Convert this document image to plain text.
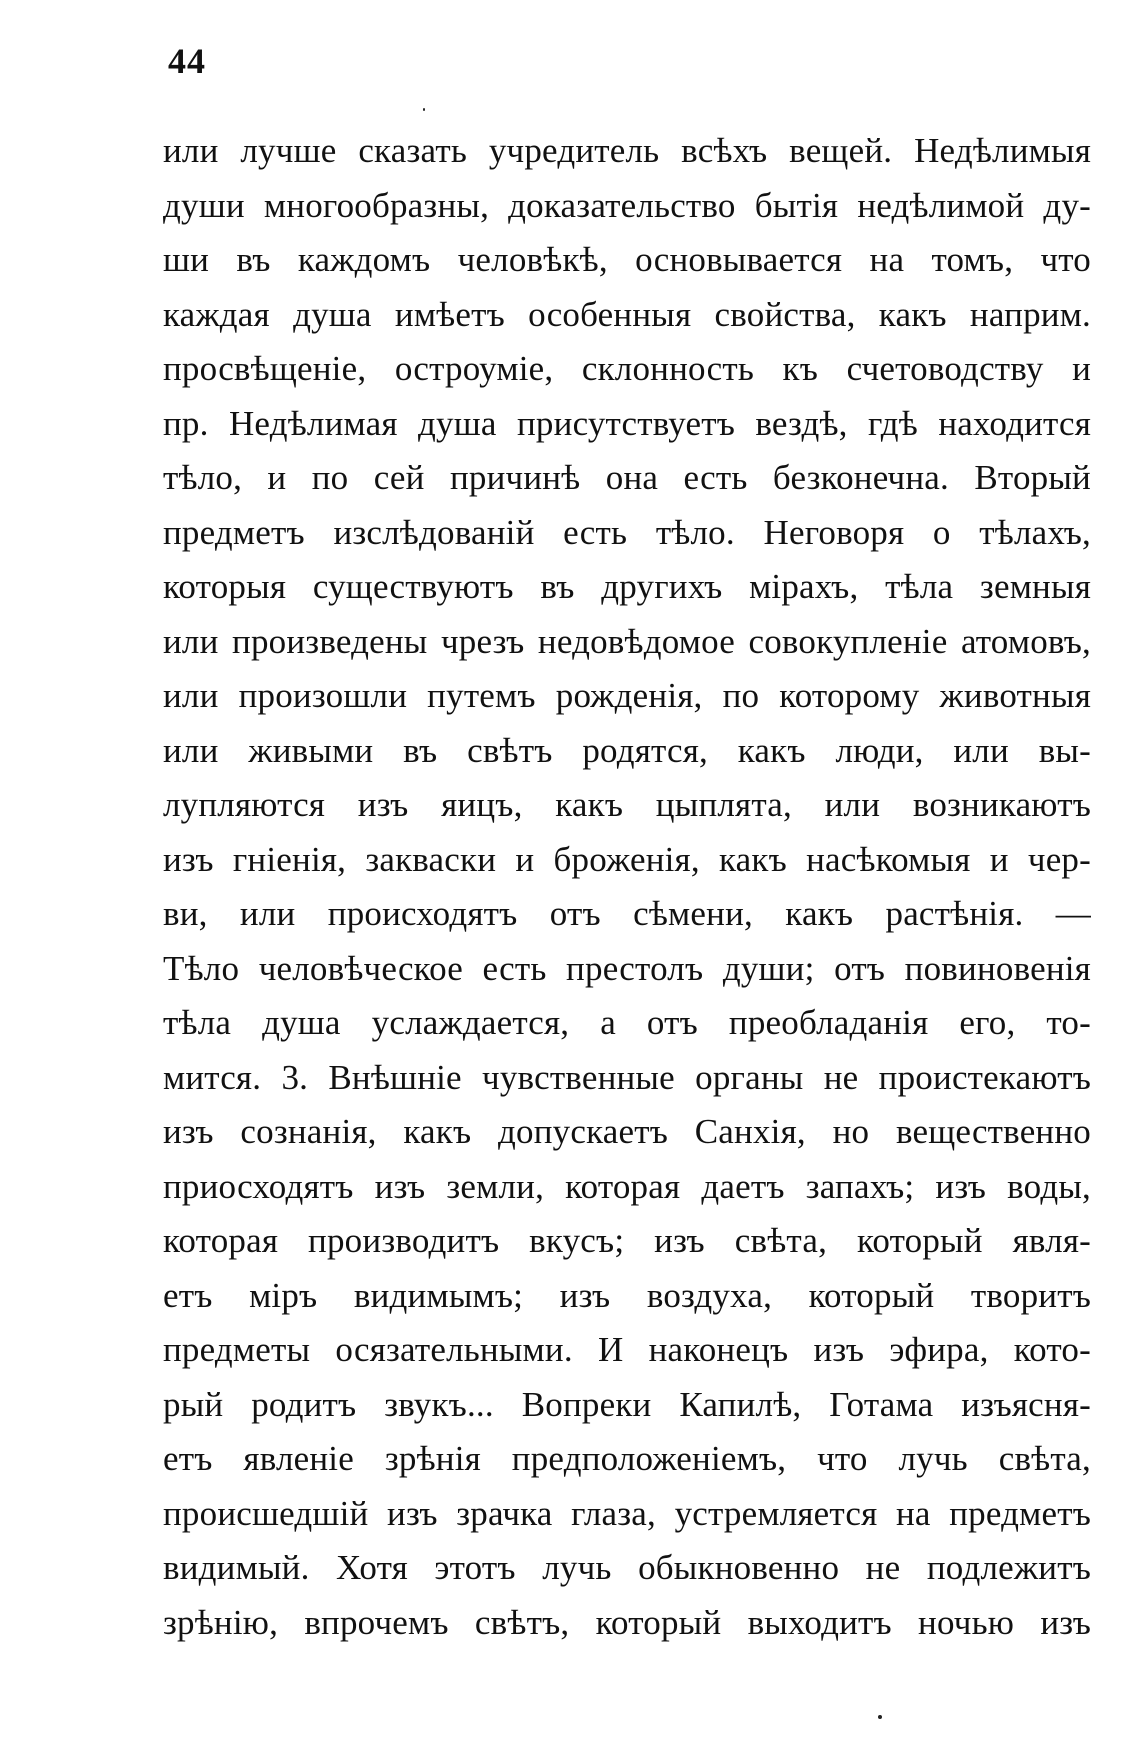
44
или лучше сказать учредитель всѣхъ вещей. Недѣлимыя
души многообразны, доказательство бытія недѣлимой ду-
ши въ каждомъ человѣкѣ, основывается на томъ, что
каждая душа имѣетъ особенныя свойства, какъ наприм.
просвѣщеніе, остроуміе, склонность къ счетоводству и
пр. Недѣлимая душа присутствуетъ вездѣ, гдѣ находится
тѣло, и по сей причинѣ она есть безконечна. Вторый
предметъ изслѣдованій есть тѣло. Неговоря о тѣлахъ,
которыя существуютъ въ другихъ мірахъ, тѣла земныя
или произведены чрезъ недовѣдомое совокупленіе атомовъ,
или произошли путемъ рожденія, по которому животныя
или живыми въ свѣтъ родятся, какъ люди, или вы-
лупляются изъ яицъ, какъ цыплята, или возникаютъ
изъ гніенія, закваски и броженія, какъ насѣкомыя и чер-
ви, или происходятъ отъ сѣмени, какъ растѣнія. —
Тѣло человѣческое есть престолъ души; отъ повиновенія
тѣла душа услаждается, а отъ преобладанія его, то-
мится. 3. Внѣшніе чувственные органы не проистекаютъ
изъ сознанія, какъ допускаетъ Санхія, но вещественно
приосходятъ изъ земли, которая даетъ запахъ; изъ воды,
которая производитъ вкусъ; изъ свѣта, который явля-
етъ міръ видимымъ; изъ воздуха, который творитъ
предметы осязательными. И наконецъ изъ эфира, кото-
рый родитъ звукъ... Вопреки Капилѣ, Готама изъясня-
етъ явленіе зрѣнія предположеніемъ, что лучь свѣта,
происшедшій изъ зрачка глаза, устремляется на предметъ
видимый. Хотя этотъ лучь обыкновенно не подлежитъ
зрѣнію, впрочемъ свѣтъ, который выходитъ ночью изъ
